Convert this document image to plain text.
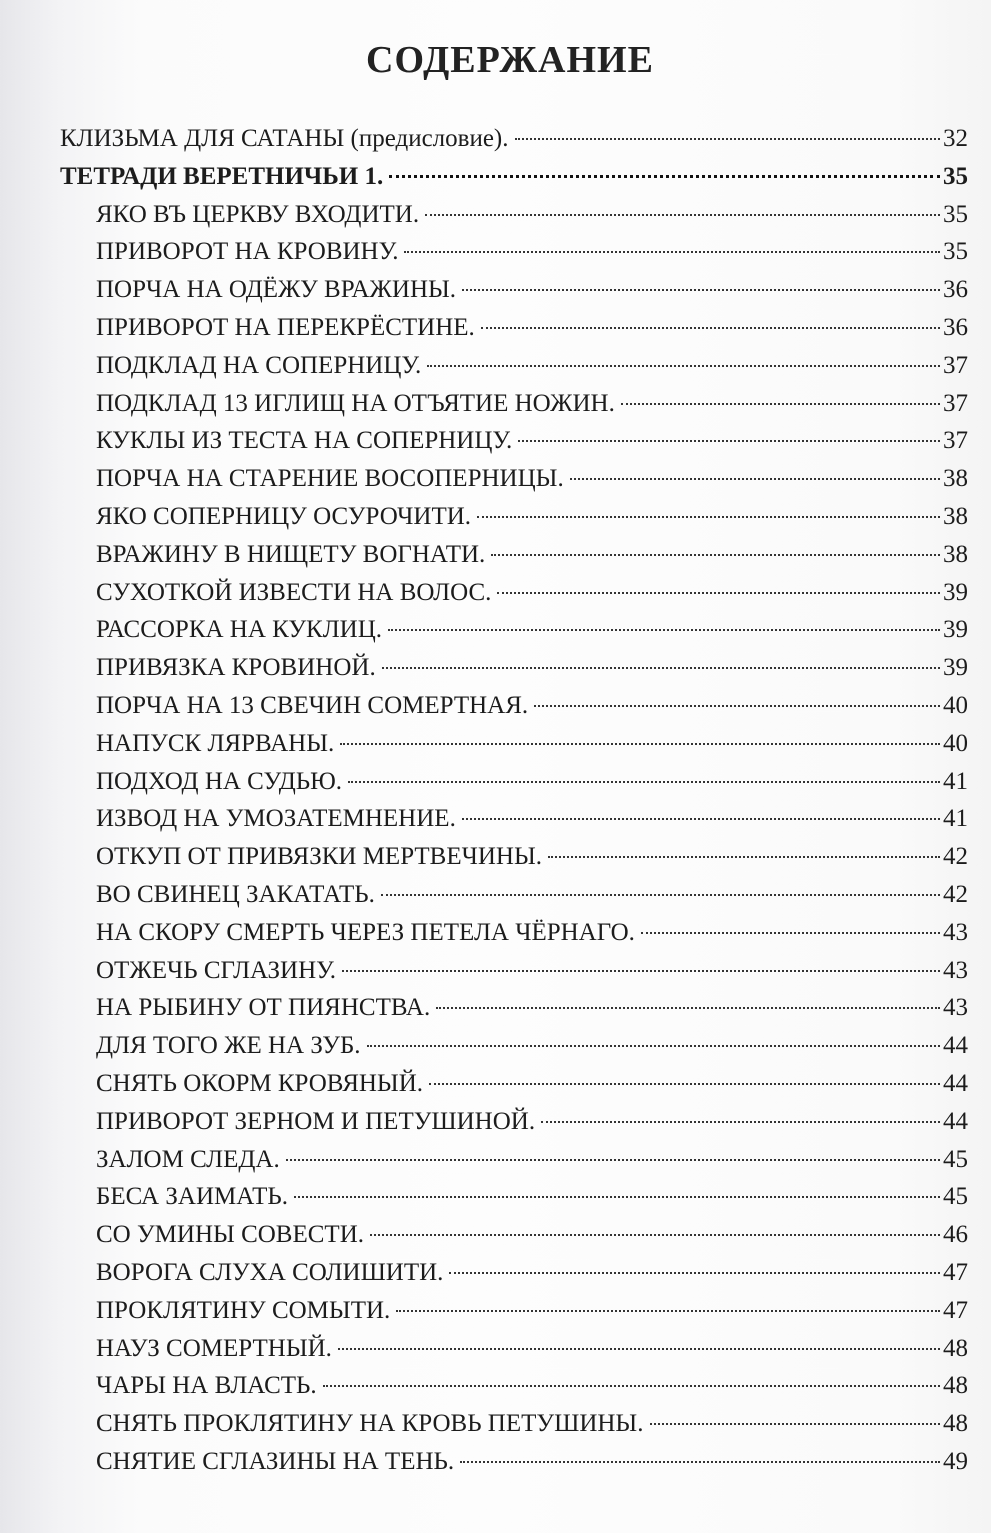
СОДЕРЖАНИЕ
КЛИЗЬМА ДЛЯ САТАНЫ (предисловие).	32
ТЕТРАДИ ВЕРЕТНИЧЬИ 1.	35
ЯКО ВЪ ЦЕРКВУ ВХОДИТИ.	35
ПРИВОРОТ НА КРОВИНУ.	35
ПОРЧА НА ОДЁЖУ ВРАЖИНЫ.	36
ПРИВОРОТ НА ПЕРЕКРЁСТИНЕ.	36
ПОДКЛАД НА СОПЕРНИЦУ.	37
ПОДКЛАД 13 ИГЛИЩ НА ОТЪЯТИЕ НОЖИН.	37
КУКЛЫ ИЗ ТЕСТА НА СОПЕРНИЦУ.	37
ПОРЧА НА СТАРЕНИЕ ВОСОПЕРНИЦЫ.	38
ЯКО СОПЕРНИЦУ ОСУРОЧИТИ.	38
ВРАЖИНУ В НИЩЕТУ ВОГНАТИ.	38
СУХОТКОЙ ИЗВЕСТИ НА ВОЛОС.	39
РАССОРКА НА КУКЛИЦ.	39
ПРИВЯЗКА КРОВИНОЙ.	39
ПОРЧА НА 13 СВЕЧИН СОМЕРТНАЯ.	40
НАПУСК ЛЯРВАНЫ.	40
ПОДХОД НА СУДЬЮ.	41
ИЗВОД НА УМОЗАТЕМНЕНИЕ.	41
ОТКУП ОТ ПРИВЯЗКИ МЕРТВЕЧИНЫ.	42
ВО СВИНЕЦ ЗАКАТАТЬ.	42
НА СКОРУ СМЕРТЬ ЧЕРЕЗ ПЕТЕЛА ЧЁРНАГО.	43
ОТЖЕЧЬ СГЛАЗИНУ.	43
НА РЫБИНУ ОТ ПИЯНСТВА.	43
ДЛЯ ТОГО ЖЕ НА ЗУБ.	44
СНЯТЬ ОКОРМ КРОВЯНЫЙ.	44
ПРИВОРОТ ЗЕРНОМ И ПЕТУШИНОЙ.	44
ЗАЛОМ СЛЕДА.	45
БЕСА ЗАИМАТЬ.	45
СО УМИНЫ СОВЕСТИ.	46
ВОРОГА СЛУХА СОЛИШИТИ.	47
ПРОКЛЯТИНУ СОМЫТИ.	47
НАУЗ СОМЕРТНЫЙ.	48
ЧАРЫ НА ВЛАСТЬ.	48
СНЯТЬ ПРОКЛЯТИНУ НА КРОВЬ ПЕТУШИНЫ.	48
СНЯТИЕ СГЛАЗИНЫ НА ТЕНЬ.	49
